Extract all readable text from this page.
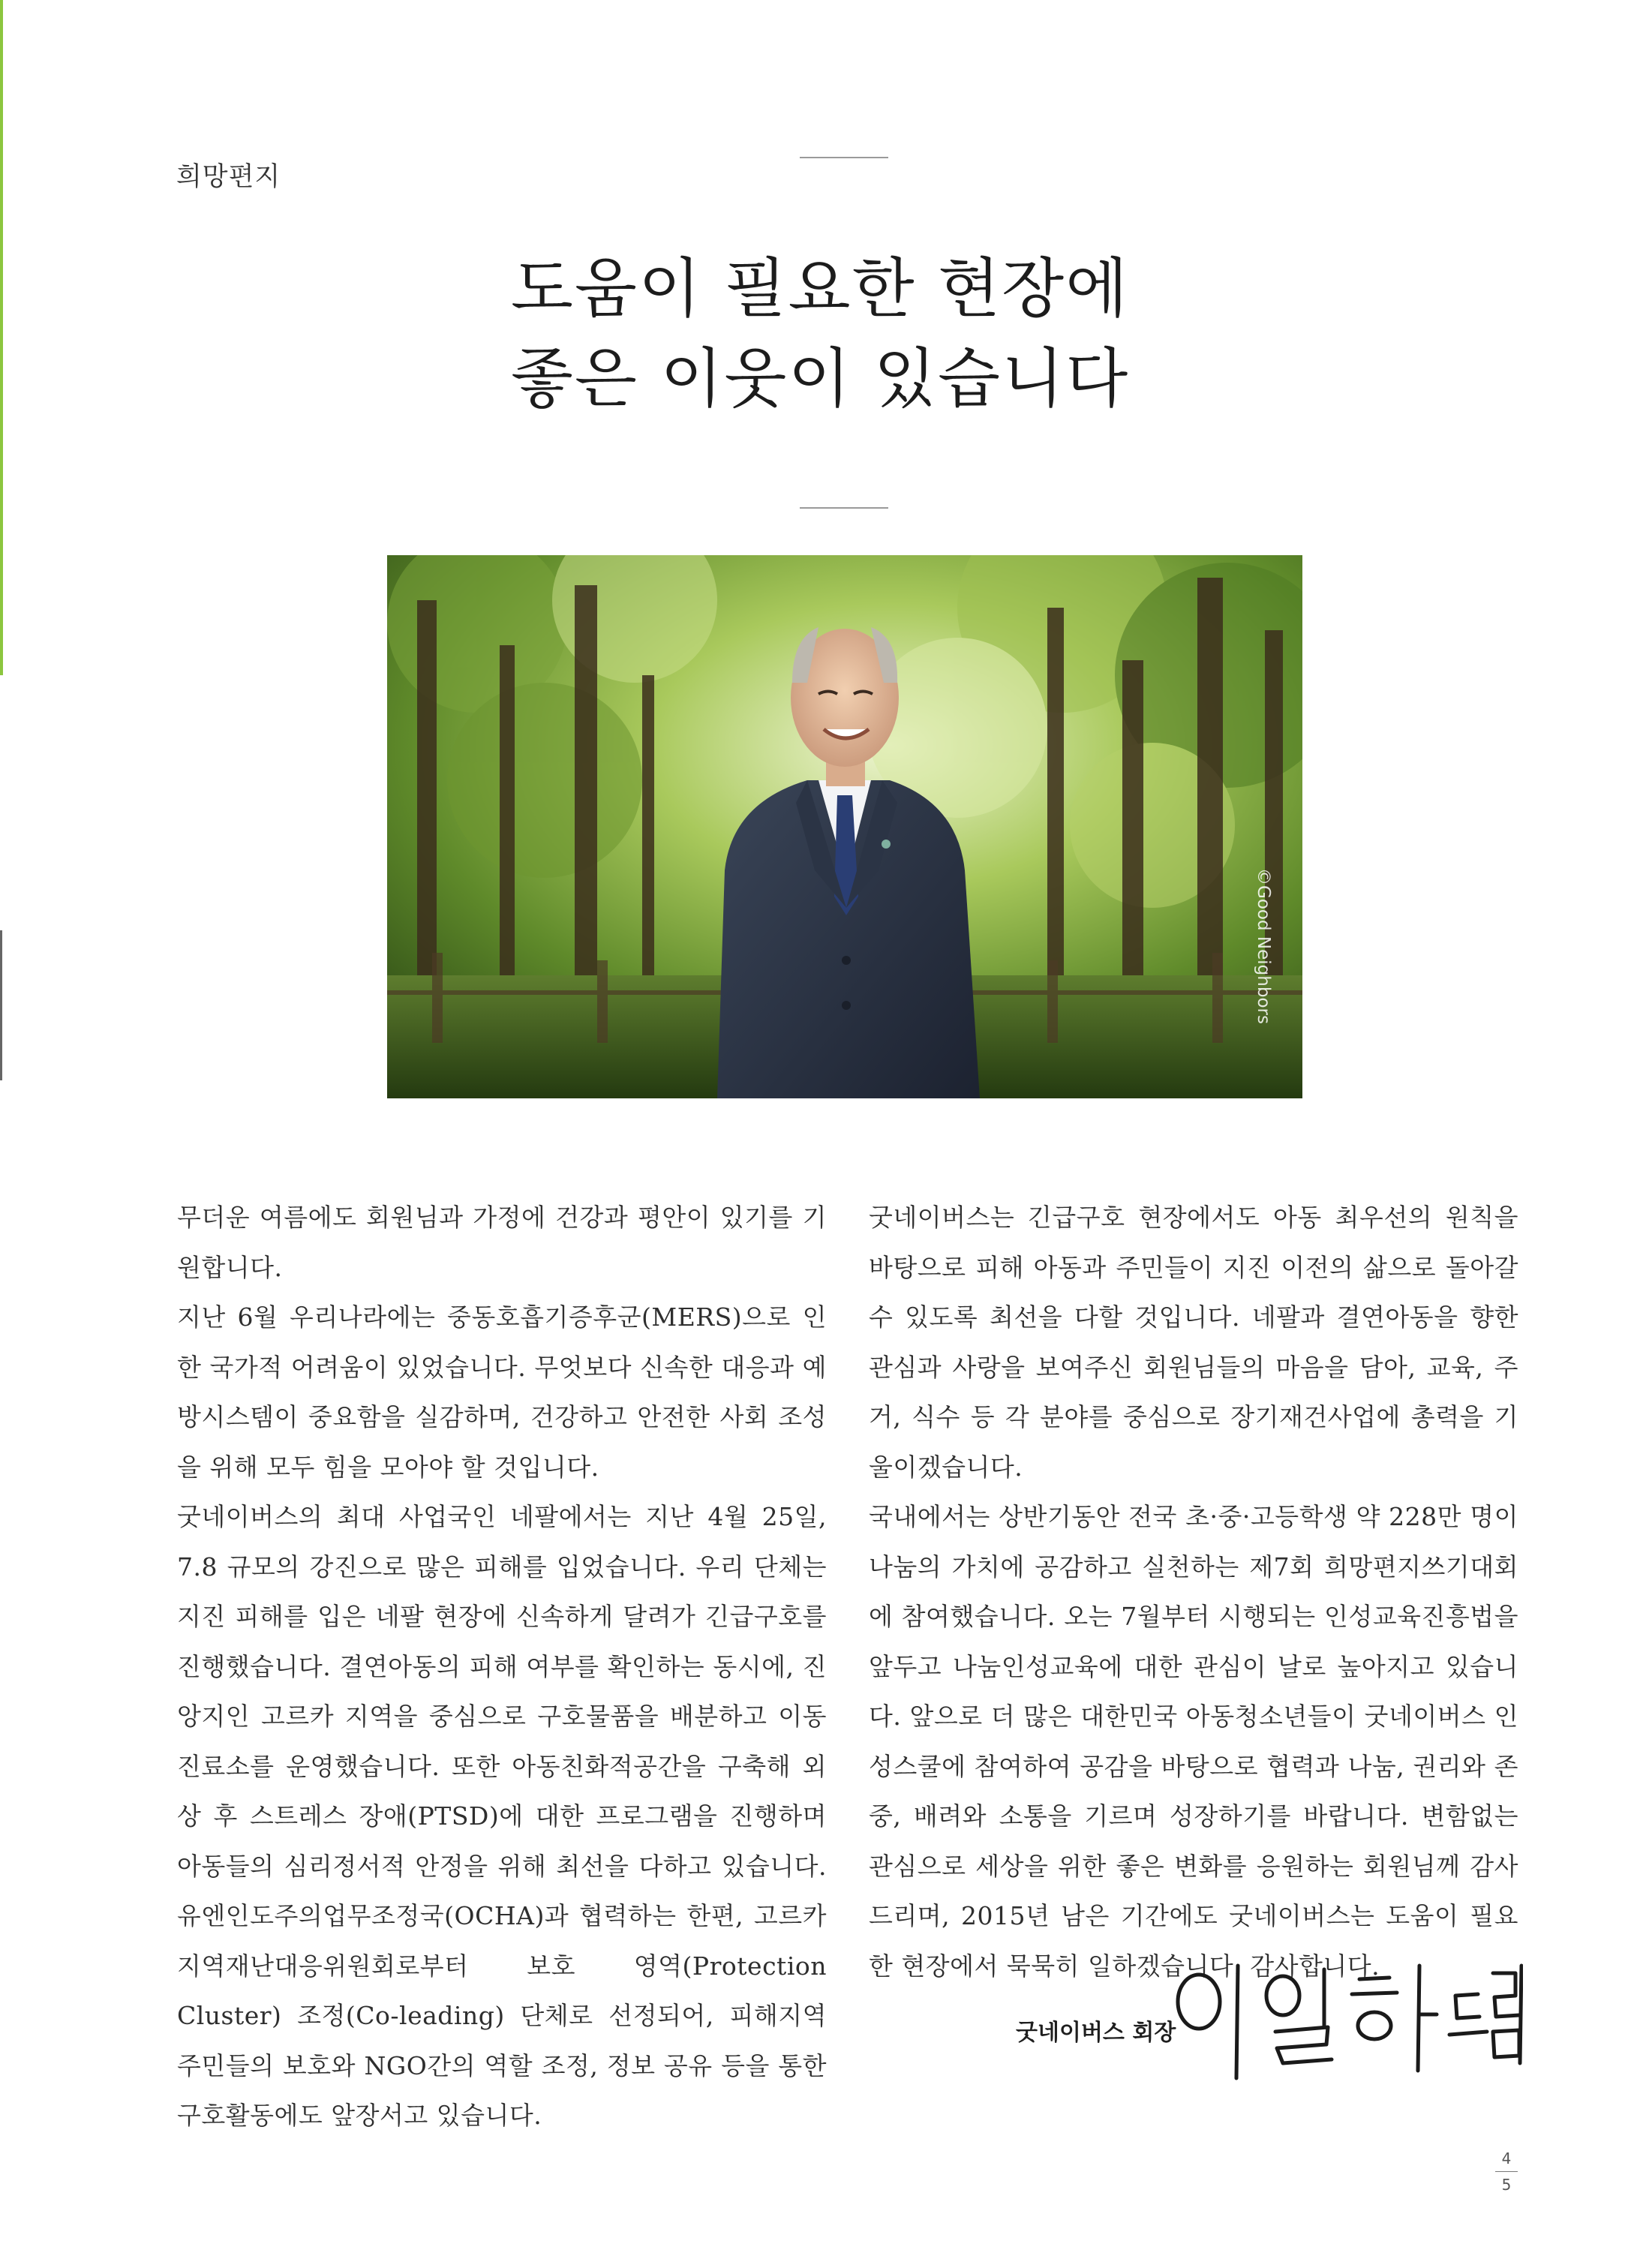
희망편지
도움이 필요한 현장에
좋은 이웃이 있습니다
©Good Neighbors

무더운 여름에도 회원님과 가정에 건강과 평안이 있기를 기원합니다.

지난 6월 우리나라에는 중동호흡기증후군(MERS)으로 인한 국가적 어려움이 있었습니다. 무엇보다 신속한 대응과 예방시스템이 중요함을 실감하며, 건강하고 안전한 사회 조성을 위해 모두 힘을 모아야 할 것입니다.

굿네이버스의 최대 사업국인 네팔에서는 지난 4월 25일, 7.8 규모의 강진으로 많은 피해를 입었습니다. 우리 단체는 지진 피해를 입은 네팔 현장에 신속하게 달려가 긴급구호를 진행했습니다. 결연아동의 피해 여부를 확인하는 동시에, 진앙지인 고르카 지역을 중심으로 구호물품을 배분하고 이동진료소를 운영했습니다. 또한 아동친화적공간을 구축해 외상 후 스트레스 장애(PTSD)에 대한 프로그램을 진행하며 아동들의 심리정서적 안정을 위해 최선을 다하고 있습니다. 유엔인도주의업무조정국(OCHA)과 협력하는 한편, 고르카 지역재난대응위원회로부터 보호 영역(Protection Cluster) 조정(Co-leading) 단체로 선정되어, 피해지역 주민들의 보호와 NGO간의 역할 조정, 정보 공유 등을 통한 구호활동에도 앞장서고 있습니다.

굿네이버스는 긴급구호 현장에서도 아동 최우선의 원칙을 바탕으로 피해 아동과 주민들이 지진 이전의 삶으로 돌아갈 수 있도록 최선을 다할 것입니다. 네팔과 결연아동을 향한 관심과 사랑을 보여주신 회원님들의 마음을 담아, 교육, 주거, 식수 등 각 분야를 중심으로 장기재건사업에 총력을 기울이겠습니다.

국내에서는 상반기동안 전국 초·중·고등학생 약 228만 명이 나눔의 가치에 공감하고 실천하는 제7회 희망편지쓰기대회에 참여했습니다. 오는 7월부터 시행되는 인성교육진흥법을 앞두고 나눔인성교육에 대한 관심이 날로 높아지고 있습니다. 앞으로 더 많은 대한민국 아동청소년들이 굿네이버스 인성스쿨에 참여하여 공감을 바탕으로 협력과 나눔, 권리와 존중, 배려와 소통을 기르며 성장하기를 바랍니다. 변함없는 관심으로 세상을 위한 좋은 변화를 응원하는 회원님께 감사드리며, 2015년 남은 기간에도 굿네이버스는 도움이 필요한 현장에서 묵묵히 일하겠습니다. 감사합니다.

굿네이버스 회장
4
5
